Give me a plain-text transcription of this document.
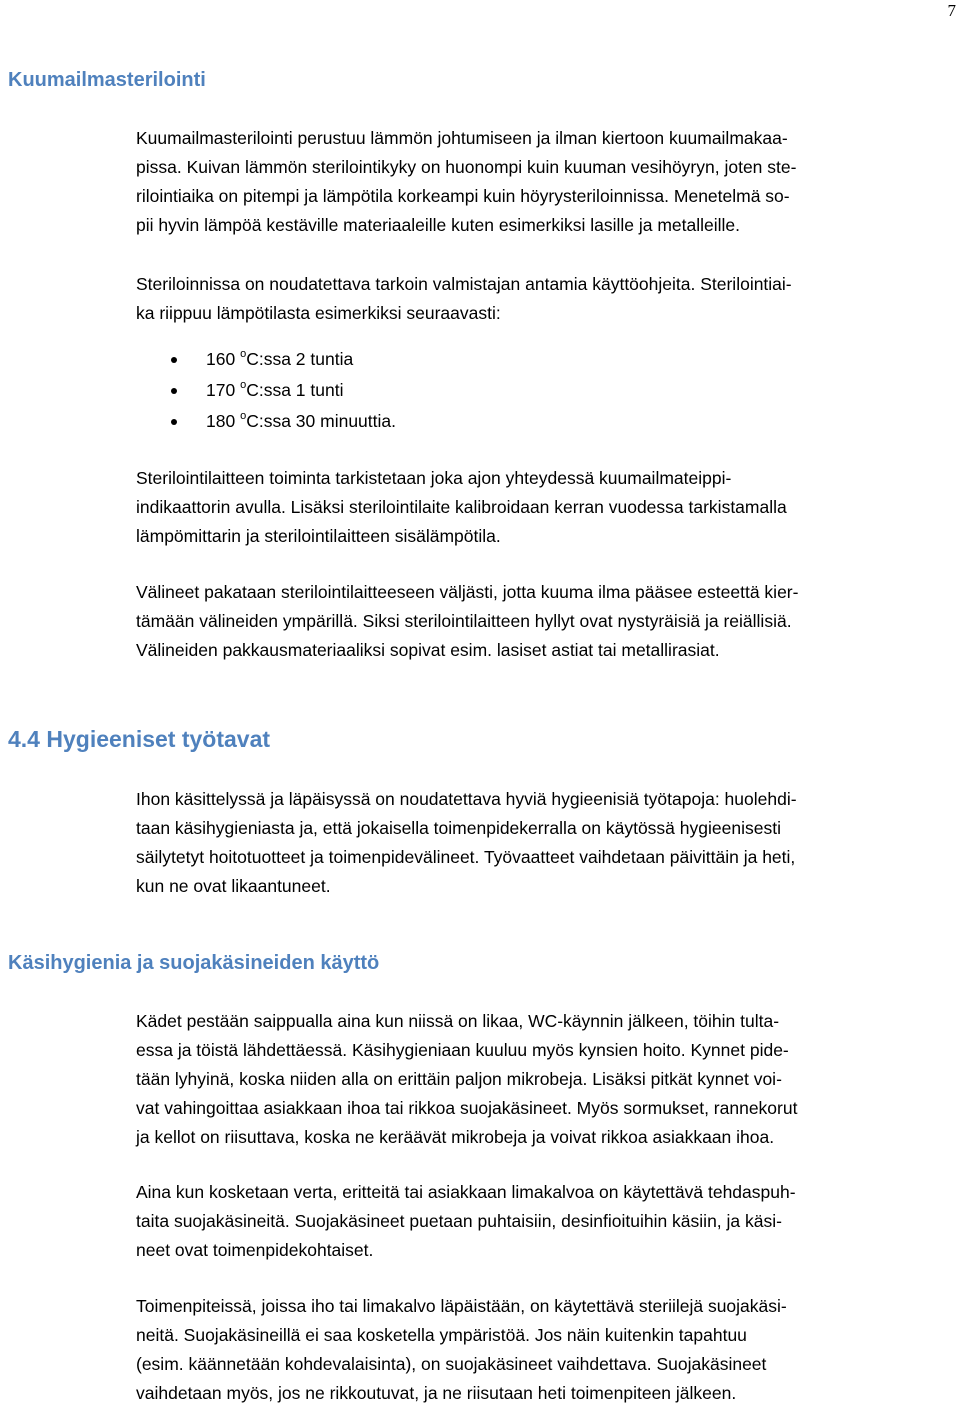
7
Kuumailmasterilointi

Kuumailmasterilointi perustuu lämmön johtumiseen ja ilman kiertoon kuumailmakaa-
pissa. Kuivan lämmön sterilointikyky on huonompi kuin kuuman vesihöyryn, joten ste-
rilointiaika on pitempi ja lämpötila korkeampi kuin höyrysteriloinnissa. Menetelmä so-
pii hyvin lämpöä kestäville materiaaleille kuten esimerkiksi lasille ja metalleille.

Steriloinnissa on noudatettava tarkoin valmistajan antamia käyttöohjeita. Sterilointiai-
ka riippuu lämpötilasta esimerkiksi seuraavasti:

160 $^o$C:ssa 2 tuntia
170 $^o$C:ssa 1 tunti
180 $^o$C:ssa 30 minuuttia.

Sterilointilaitteen toiminta tarkistetaan joka ajon yhteydessä kuumailmateippi-
indikaattorin avulla. Lisäksi sterilointilaite kalibroidaan kerran vuodessa tarkistamalla
lämpömittarin ja sterilointilaitteen sisälämpötila.

Välineet pakataan sterilointilaitteeseen väljästi, jotta kuuma ilma pääsee esteettä kier-
tämään välineiden ympärillä. Siksi sterilointilaitteen hyllyt ovat nystyräisiä ja reiällisiä.
Välineiden pakkausmateriaaliksi sopivat esim. lasiset astiat tai metallirasiat.

4.4 Hygieeniset työtavat

Ihon käsittelyssä ja läpäisyssä on noudatettava hyviä hygieenisiä työtapoja: huolehdi-
taan käsihygieniasta ja, että jokaisella toimenpidekerralla on käytössä hygieenisesti
säilytetyt hoitotuotteet ja toimenpidevälineet. Työvaatteet vaihdetaan päivittäin ja heti,
kun ne ovat likaantuneet.

Käsihygienia ja suojakäsineiden käyttö

Kädet pestään saippualla aina kun niissä on likaa, WC-käynnin jälkeen, töihin tulta-
essa ja töistä lähdettäessä. Käsihygieniaan kuuluu myös kynsien hoito. Kynnet pide-
tään lyhyinä, koska niiden alla on erittäin paljon mikrobeja. Lisäksi pitkät kynnet voi-
vat vahingoittaa asiakkaan ihoa tai rikkoa suojakäsineet. Myös sormukset, rannekorut
ja kellot on riisuttava, koska ne keräävät mikrobeja ja voivat rikkoa asiakkaan ihoa.

Aina kun kosketaan verta, eritteitä tai asiakkaan limakalvoa on käytettävä tehdaspuh-
taita suojakäsineitä. Suojakäsineet puetaan puhtaisiin, desinfioituihin käsiin, ja käsi-
neet ovat toimenpidekohtaiset.

Toimenpiteissä, joissa iho tai limakalvo läpäistään, on käytettävä steriilejä suojakäsi-
neitä. Suojakäsineillä ei saa kosketella ympäristöä. Jos näin kuitenkin tapahtuu
(esim. käännetään kohdevalaisinta), on suojakäsineet vaihdettava. Suojakäsineet
vaihdetaan myös, jos ne rikkoutuvat, ja ne riisutaan heti toimenpiteen jälkeen.
